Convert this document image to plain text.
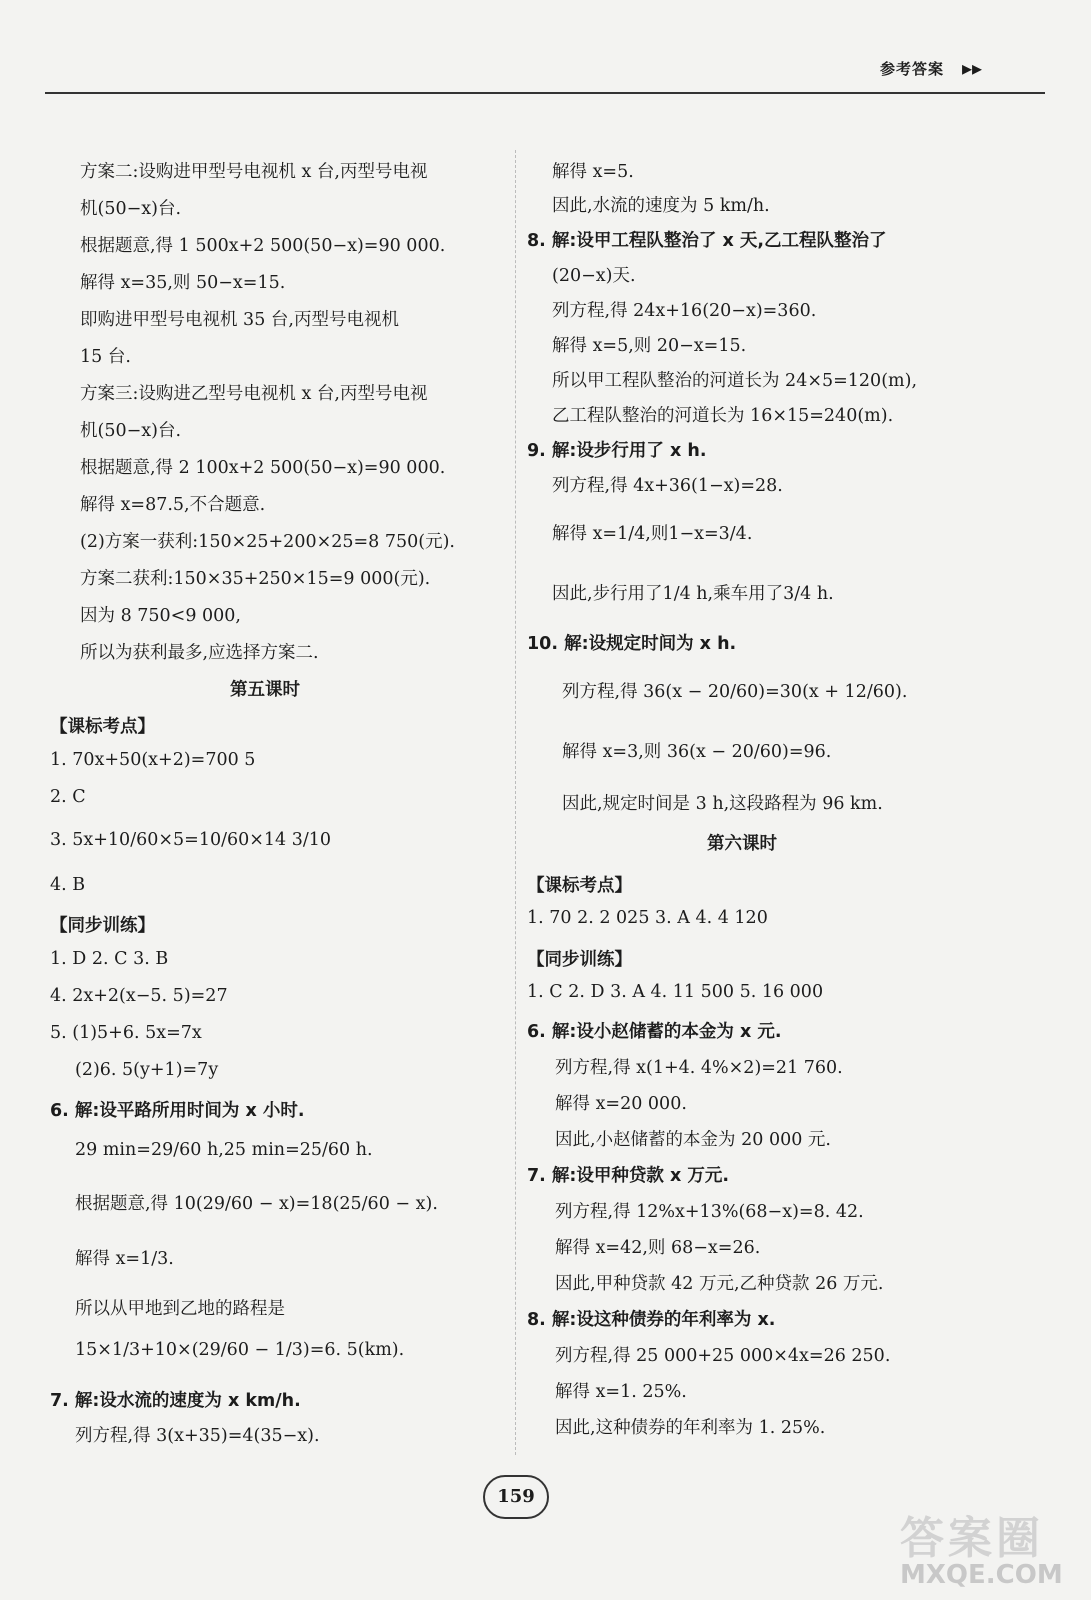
参考答案 ▸▸
方案二:设购进甲型号电视机 x 台,丙型号电视
机(50−x)台.
根据题意,得 1 500x+2 500(50−x)=90 000.
解得 x=35,则 50−x=15.
即购进甲型号电视机 35 台,丙型号电视机
15 台.
方案三:设购进乙型号电视机 x 台,丙型号电视
机(50−x)台.
根据题意,得 2 100x+2 500(50−x)=90 000.
解得 x=87.5,不合题意.
(2)方案一获利:150×25+200×25=8 750(元).
方案二获利:150×35+250×15=9 000(元).
因为 8 750<9 000,
所以为获利最多,应选择方案二.
第五课时
【课标考点】
1. 70x+50(x+2)=700 5
2. C
3. 5x+10/60×5=10/60×14 3/10
4. B
【同步训练】
1. D 2. C 3. B
4. 2x+2(x−5. 5)=27
5. (1)5+6. 5x=7x
(2)6. 5(y+1)=7y
6. 解:设平路所用时间为 x 小时.
29 min=29/60 h,25 min=25/60 h.
根据题意,得 10(29/60 − x)=18(25/60 − x).
解得 x=1/3.
所以从甲地到乙地的路程是
15×1/3+10×(29/60 − 1/3)=6. 5(km).
7. 解:设水流的速度为 x km/h.
列方程,得 3(x+35)=4(35−x).
解得 x=5.
因此,水流的速度为 5 km/h.
8. 解:设甲工程队整治了 x 天,乙工程队整治了
(20−x)天.
列方程,得 24x+16(20−x)=360.
解得 x=5,则 20−x=15.
所以甲工程队整治的河道长为 24×5=120(m),
乙工程队整治的河道长为 16×15=240(m).
9. 解:设步行用了 x h.
列方程,得 4x+36(1−x)=28.
解得 x=1/4,则1−x=3/4.
因此,步行用了1/4 h,乘车用了3/4 h.
10. 解:设规定时间为 x h.
列方程,得 36(x − 20/60)=30(x + 12/60).
解得 x=3,则 36(x − 20/60)=96.
因此,规定时间是 3 h,这段路程为 96 km.
第六课时
【课标考点】
1. 70 2. 2 025 3. A 4. 4 120
【同步训练】
1. C 2. D 3. A 4. 11 500 5. 16 000
6. 解:设小赵储蓄的本金为 x 元.
列方程,得 x(1+4. 4%×2)=21 760.
解得 x=20 000.
因此,小赵储蓄的本金为 20 000 元.
7. 解:设甲种贷款 x 万元.
列方程,得 12%x+13%(68−x)=8. 42.
解得 x=42,则 68−x=26.
因此,甲种贷款 42 万元,乙种贷款 26 万元.
8. 解:设这种债券的年利率为 x.
列方程,得 25 000+25 000×4x=26 250.
解得 x=1. 25%.
因此,这种债券的年利率为 1. 25%.
159
答案圈
MXQE.COM
